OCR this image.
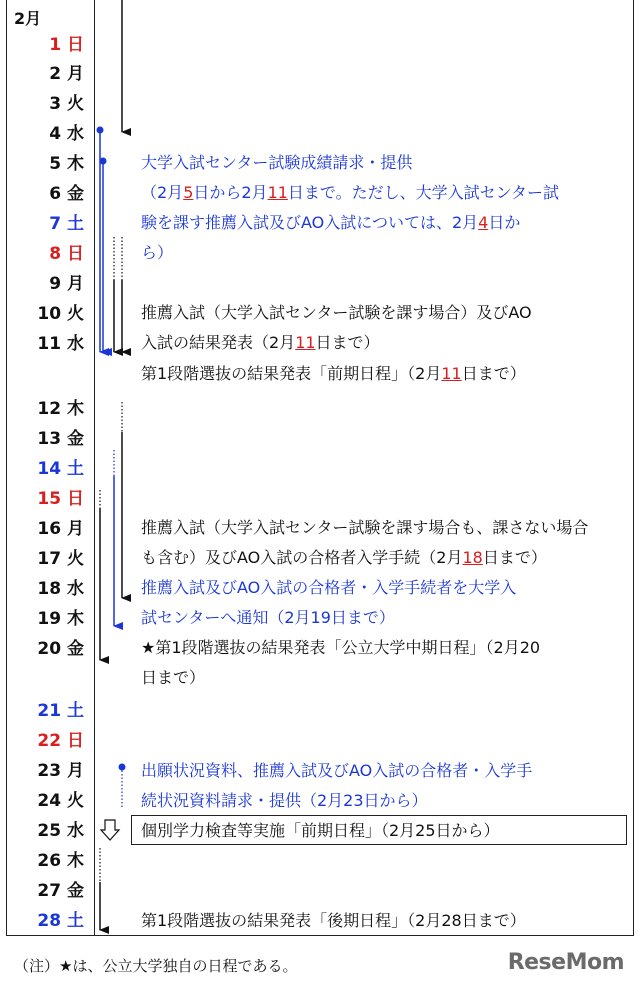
2月
1 日
2 月
3 火
4 水
5 木
6 金
7 土
8 日
9 月
10 火
11 水
12 木
13 金
14 土
15 日
16 月
17 火
18 水
19 木
20 金
21 土
22 日
23 月
24 火
25 水
26 木
27 金
28 土
大学入試センター試験成績請求・提供
（2月5日から2月11日まで。ただし、大学入試センター試
験を課す推薦入試及びAO入試については、2月4日か
ら）
推薦入試（大学入試センター試験を課す場合）及びAO
入試の結果発表（2月11日まで）
第1段階選抜の結果発表「前期日程」（2月11日まで）
推薦入試（大学入試センター試験を課す場合も、課さない場合
も含む）及びAO入試の合格者入学手続（2月18日まで）
推薦入試及びAO入試の合格者・入学手続者を大学入
試センターへ通知（2月19日まで）
★第1段階選抜の結果発表「公立大学中期日程」（2月20
日まで）
出願状況資料、推薦入試及びAO入試の合格者・入学手
続状況資料請求・提供（2月23日から）
個別学力検査等実施「前期日程」（2月25日から）
第1段階選抜の結果発表「後期日程」（2月28日まで）
（注）★は、公立大学独自の日程である。	ReseMom
